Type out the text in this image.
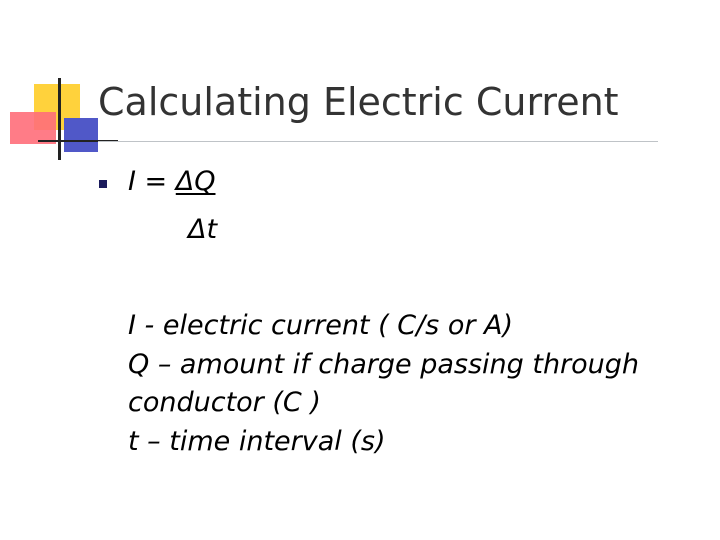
Calculating Electric Current
I = ΔQ
Δt
I - electric current ( C/s or A)
Q – amount if charge passing through
conductor (C )
t – time interval (s)
